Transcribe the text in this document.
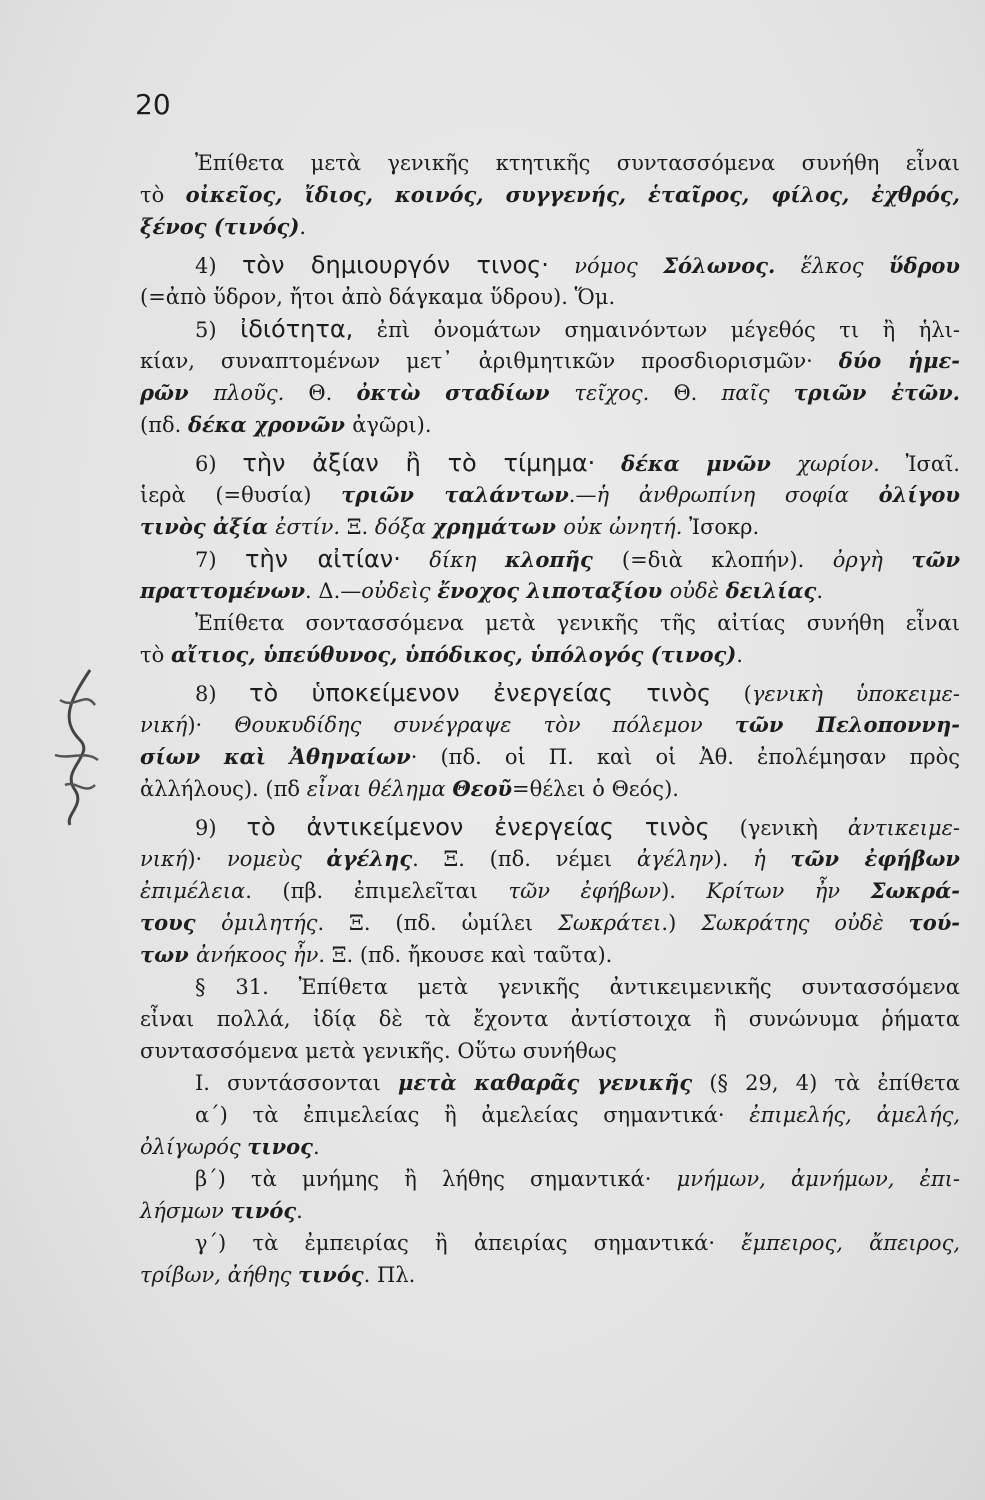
20
Ἐπίθετα μετὰ γενικῆς κτητικῆς συντασσόμενα συνήθη εἶναι
τὸ οἰκεῖος, ἴδιος, κοινός, συγγενής, ἑταῖρος, φίλος, ἐχθρός,
ξένος (τινός).
4) τὸν δημιουργόν τινος· νόμος Σόλωνος. ἕλκος ὕδρου
(=ἀπὸ ὕδρον, ἤτοι ἀπὸ δάγκαμα ὕδρου). Ὅμ.
5) ἰδιότητα, ἐπὶ ὀνομάτων σημαινόντων μέγεθός τι ἢ ἡλι-
κίαν, συναπτομένων μετ᾽ ἀριθμητικῶν προσδιορισμῶν· δύο ἡμε-
ρῶν πλοῦς. Θ. ὀκτὼ σταδίων τεῖχος. Θ. παῖς τριῶν ἐτῶν.
(πδ. δέκα χρονῶν ἀγῶρι).
6) τὴν ἀξίαν ἢ τὸ τίμημα· δέκα μνῶν χωρίον. Ἰσαῖ.
ἱερὰ (=θυσία) τριῶν ταλάντων.—ἡ ἀνθρωπίνη σοφία ὀλίγου
τινὸς ἀξία ἐστίν. Ξ. δόξα χρημάτων οὐκ ὠνητή. Ἰσοκρ.
7) τὴν αἰτίαν· δίκη κλοπῆς (=διὰ κλοπήν). ὀργὴ τῶν
πραττομένων. Δ.—οὐδεὶς ἔνοχος λιποταξίου οὐδὲ δειλίας.
Ἐπίθετα σοντασσόμενα μετὰ γενικῆς τῆς αἰτίας συνήθη εἶναι
τὸ αἴτιος, ὑπεύθυνος, ὑπόδικος, ὑπόλογός (τινος).
8) τὸ ὑποκείμενον ἐνεργείας τινὸς (γενικὴ ὑποκειμε-
νική)· Θουκυδίδης συνέγραψε τὸν πόλεμον τῶν Πελοποννη-
σίων καὶ Ἀθηναίων· (πδ. οἱ Π. καὶ οἱ Ἀθ. ἐπολέμησαν πρὸς
ἀλλήλους). (πδ εἶναι θέλημα Θεοῦ=θέλει ὁ Θεός).
9) τὸ ἀντικείμενον ἐνεργείας τινὸς (γενικὴ ἀντικειμε-
νική)· νομεὺς ἀγέλης. Ξ. (πδ. νέμει ἀγέλην). ἡ τῶν ἐφήβων
ἐπιμέλεια. (πβ. ἐπιμελεῖται τῶν ἐφήβων). Κρίτων ἦν Σωκρά-
τους ὁμιλητής. Ξ. (πδ. ὡμίλει Σωκράτει.) Σωκράτης οὐδὲ τού-
των ἀνήκοος ἦν. Ξ. (πδ. ἤκουσε καὶ ταῦτα).
§ 31. Ἐπίθετα μετὰ γενικῆς ἀντικειμενικῆς συντασσόμενα
εἶναι πολλά, ἰδίᾳ δὲ τὰ ἔχοντα ἀντίστοιχα ἢ συνώνυμα ῥήματα
συντασσόμενα μετὰ γενικῆς. Οὕτω συνήθως
Ι. συντάσσονται μετὰ καθαρᾶς γενικῆς (§ 29, 4) τὰ ἐπίθετα
α΄) τὰ ἐπιμελείας ἢ ἀμελείας σημαντικά· ἐπιμελής, ἀμελής,
ὀλίγωρός τινος.
β΄) τὰ μνήμης ἢ λήθης σημαντικά· μνήμων, ἀμνήμων, ἐπι-
λήσμων τινός.
γ΄) τὰ ἐμπειρίας ἢ ἀπειρίας σημαντικά· ἔμπειρος, ἄπειρος,
τρίβων, ἀήθης τινός. Πλ.
